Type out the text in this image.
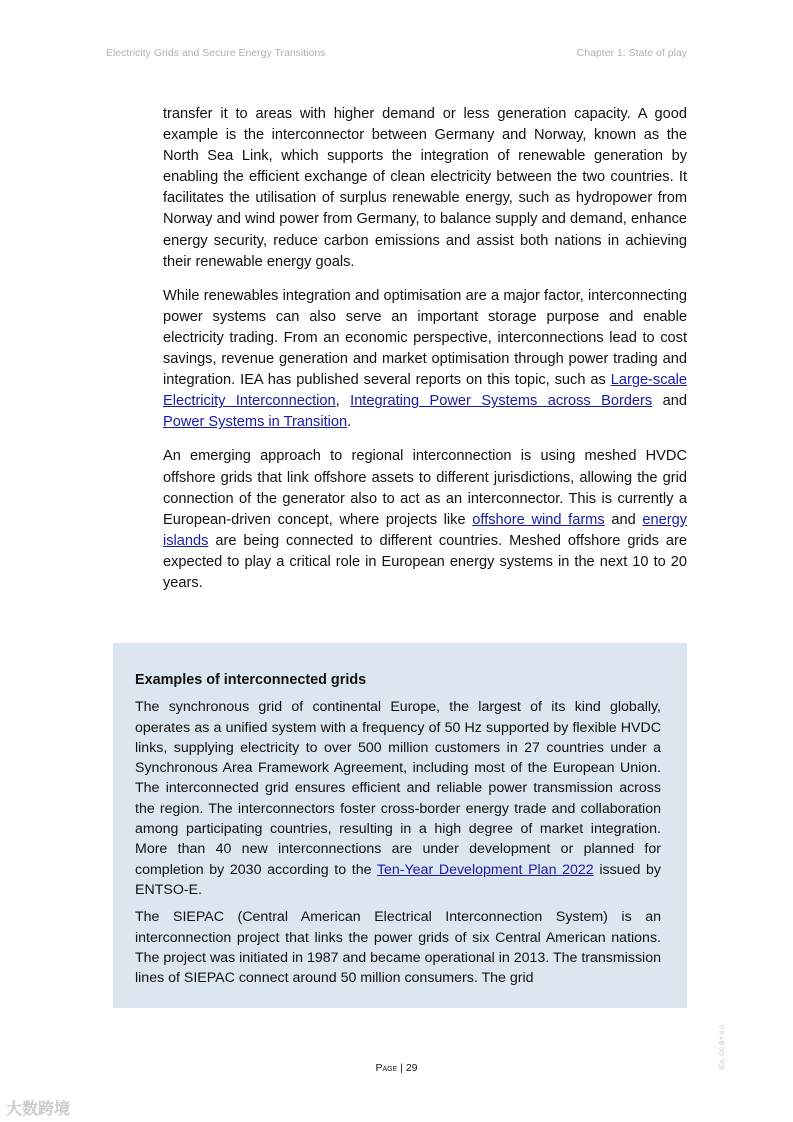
Electricity Grids and Secure Energy Transitions	Chapter 1: State of play

transfer it to areas with higher demand or less generation capacity. A good example is the interconnector between Germany and Norway, known as the North Sea Link, which supports the integration of renewable generation by enabling the efficient exchange of clean electricity between the two countries. It facilitates the utilisation of surplus renewable energy, such as hydropower from Norway and wind power from Germany, to balance supply and demand, enhance energy security, reduce carbon emissions and assist both nations in achieving their renewable energy goals.

While renewables integration and optimisation are a major factor, interconnecting power systems can also serve an important storage purpose and enable electricity trading. From an economic perspective, interconnections lead to cost savings, revenue generation and market optimisation through power trading and integration. IEA has published several reports on this topic, such as Large-scale Electricity Interconnection, Integrating Power Systems across Borders and Power Systems in Transition.

An emerging approach to regional interconnection is using meshed HVDC offshore grids that link offshore assets to different jurisdictions, allowing the grid connection of the generator also to act as an interconnector. This is currently a European-driven concept, where projects like offshore wind farms and energy islands are being connected to different countries. Meshed offshore grids are expected to play a critical role in European energy systems in the next 10 to 20 years.

Examples of interconnected grids

The synchronous grid of continental Europe, the largest of its kind globally, operates as a unified system with a frequency of 50 Hz supported by flexible HVDC links, supplying electricity to over 500 million customers in 27 countries under a Synchronous Area Framework Agreement, including most of the European Union. The interconnected grid ensures efficient and reliable power transmission across the region. The interconnectors foster cross-border energy trade and collaboration among participating countries, resulting in a high degree of market integration. More than 40 new interconnections are under development or planned for completion by 2030 according to the Ten-Year Development Plan 2022 issued by ENTSO-E.

The SIEPAC (Central American Electrical Interconnection System) is an interconnection project that links the power grids of six Central American nations. The project was initiated in 1987 and became operational in 2013. The transmission lines of SIEPAC connect around 50 million consumers. The grid

Page | 29	IEA. CC BY 4.0.
大数跨境
